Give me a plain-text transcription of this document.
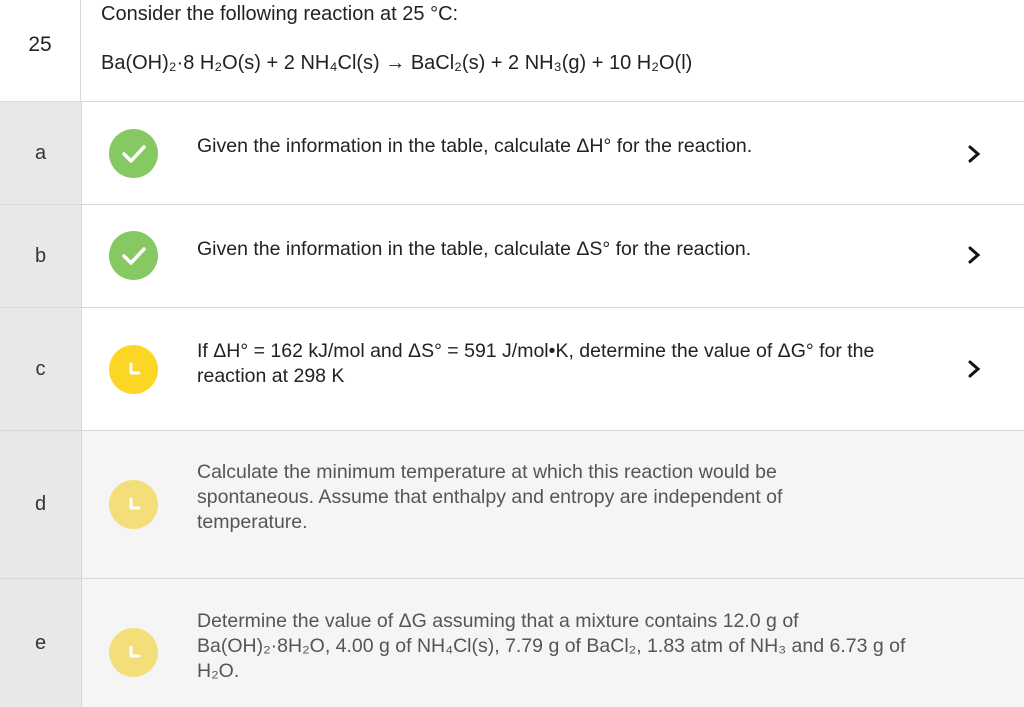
25
Consider the following reaction at 25 °C:
Ba(OH)₂·8 H₂O(s) + 2 NH₄Cl(s) → BaCl₂(s) + 2 NH₃(g) + 10 H₂O(l)
a	Given the information in the table, calculate ΔH° for the reaction.
b	Given the information in the table, calculate ΔS° for the reaction.
c
If ΔH° = 162 kJ/mol and ΔS° = 591 J/mol•K, determine the value of ΔG° for the reaction at 298 K
d
Calculate the minimum temperature at which this reaction would be spontaneous. Assume that enthalpy and entropy are independent of temperature.
e
Determine the value of ΔG assuming that a mixture contains 12.0 g of Ba(OH)₂·8H₂O, 4.00 g of NH₄Cl(s), 7.79 g of BaCl₂, 1.83 atm of NH₃ and 6.73 g of H₂O.
